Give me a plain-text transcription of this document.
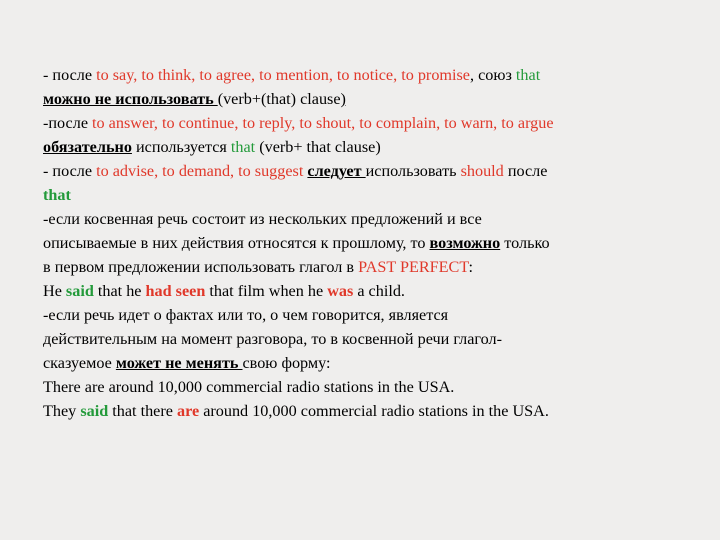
- после to say, to think, to agree, to mention, to notice, to promise, союз that
можно не использовать (verb+(that) clause)
-после to answer, to continue, to reply, to shout, to complain, to warn, to argue
обязательно используется that (verb+ that clause)
- после to advise, to demand, to suggest следует использовать should после
that
-если косвенная речь состоит из нескольких предложений и все
описываемые в них действия относятся к прошлому, то возможно только
в первом предложении использовать глагол в PAST PERFECT:
He said that he had seen that film when he was a child.
-если речь идет о фактах или то, о чем говорится, является
действительным на момент разговора, то в косвенной речи глагол-
сказуемое может не менять свою форму:
There are around 10,000 commercial radio stations in the USA.
They said that there are around 10,000 commercial radio stations in the USA.
